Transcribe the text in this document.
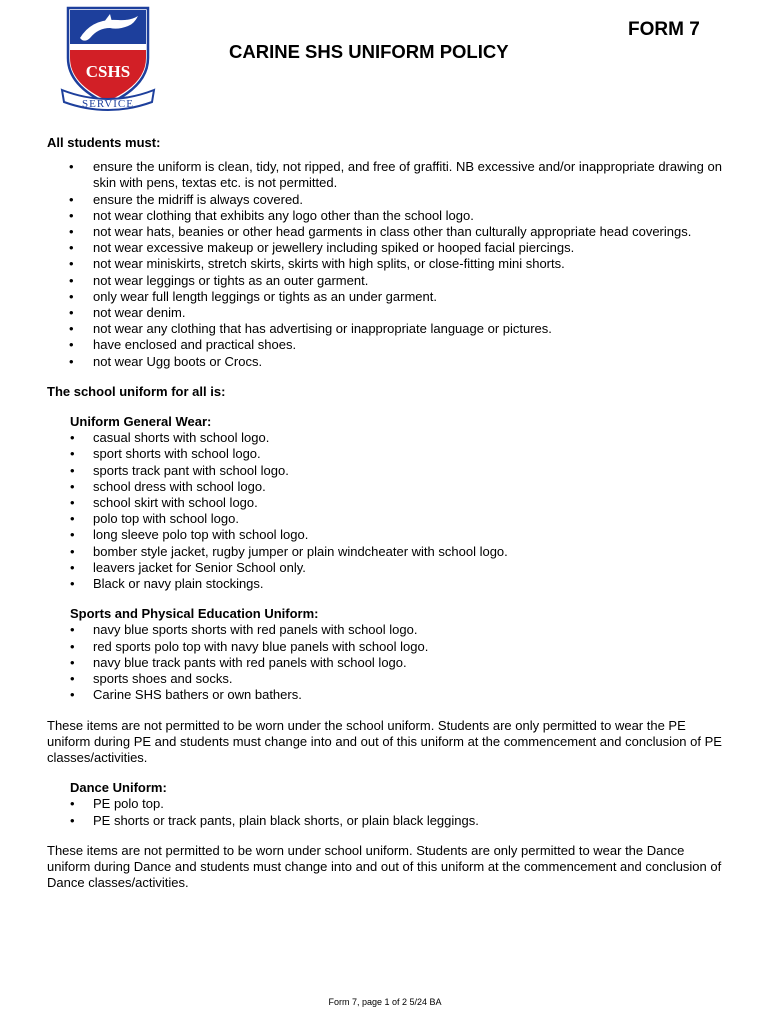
CSHS
SERVICE
FORM 7
CARINE SHS UNIFORM POLICY

All students must:

• ensure the uniform is clean, tidy, not ripped, and free of graffiti. NB excessive and/or inappropriate drawing on skin with pens, textas etc. is not permitted.
• ensure the midriff is always covered.
• not wear clothing that exhibits any logo other than the school logo.
• not wear hats, beanies or other head garments in class other than culturally appropriate head coverings.
• not wear excessive makeup or jewellery including spiked or hooped facial piercings.
• not wear miniskirts, stretch skirts, skirts with high splits, or close-fitting mini shorts.
• not wear leggings or tights as an outer garment.
• only wear full length leggings or tights as an under garment.
• not wear denim.
• not wear any clothing that has advertising or inappropriate language or pictures.
• have enclosed and practical shoes.
• not wear Ugg boots or Crocs.

The school uniform for all is:

Uniform General Wear:

• casual shorts with school logo.
• sport shorts with school logo.
• sports track pant with school logo.
• school dress with school logo.
• school skirt with school logo.
• polo top with school logo.
• long sleeve polo top with school logo.
• bomber style jacket, rugby jumper or plain windcheater with school logo.
• leavers jacket for Senior School only.
• Black or navy plain stockings.

Sports and Physical Education Uniform:

• navy blue sports shorts with red panels with school logo.
• red sports polo top with navy blue panels with school logo.
• navy blue track pants with red panels with school logo.
• sports shoes and socks.
• Carine SHS bathers or own bathers.

These items are not permitted to be worn under the school uniform. Students are only permitted to wear the PE uniform during PE and students must change into and out of this uniform at the commencement and conclusion of PE classes/activities.

Dance Uniform:

• PE polo top.
• PE shorts or track pants, plain black shorts, or plain black leggings.

These items are not permitted to be worn under school uniform. Students are only permitted to wear the Dance uniform during Dance and students must change into and out of this uniform at the commencement and conclusion of Dance classes/activities.

Form 7, page 1 of 2 5/24 BA
